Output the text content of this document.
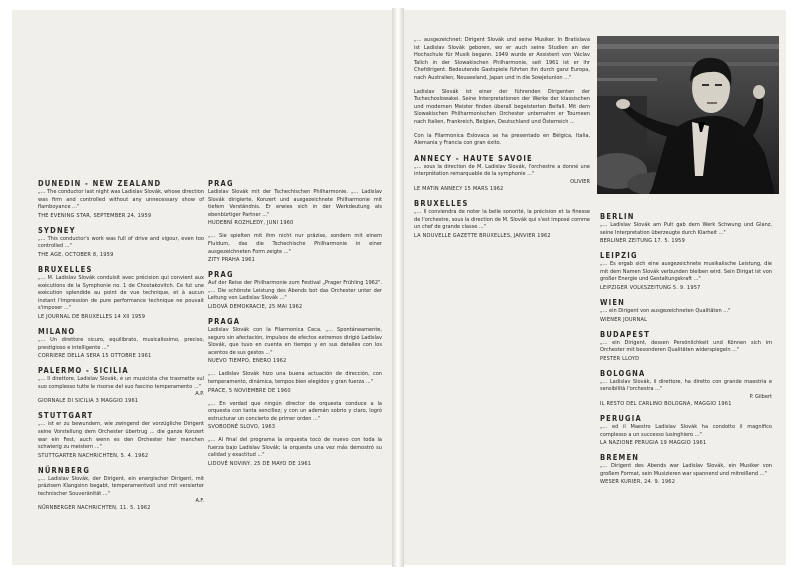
DUNEDIN - NEW ZEALAND
„... The conductor last night was Ladislav Slovák, whose direction was firm and controlled without any unnecessary show of flamboyance ..."
THE EVENING STAR, SEPTEMBER 24, 1959
SYDNEY
„... This conductor's work was full of drive and vigour, even too controlled ..."
THE AGE, OCTOBER 8, 1959
BRUXELLES
„... M. Ladislav Slovák conduisit avec précision qui convient aux exécutions de la Symphonie no. 1 de Chostakovitch. Ce fut une exécution splendide au point de vue technique, et à aucun instant l'impression de pure performance technique ne pouvait s'imposer ..."
LE JOURNAL DE BRUXELLES 14 XII 1959
MILANO
„... Un direttore sicuro, equilibrato, musicalissimo, preciso, prestigioso e intelligente ..."
CORRIERE DELLA SERA 15 OTTOBRE 1961
PALERMO - SICILIA
„... Il direttore, Ladislav Slovák, è un musicista che trasmette sul suo complesso tutte le risorse del suo fascino temperamento ..."
A.P.
GIORNALE DI SICILIA 3 MAGGIO 1961
STUTTGART
„... ist er zu bewundern, wie zwingend der vorzügliche Dirigent seine Vorstellung dem Orchester übertrug ... die ganze Konzert war ein Fest, auch wenn es den Orchester hier manchen schwierig zu meistern ..."
STUTTGARTER NACHRICHTEN, 5. 4. 1962
NÜRNBERG
„... Ladislav Slovák, der Dirigent, ein energischer Dirigent, mit präzisem Klangsinn begabt, temperamentvoll und mit versierter technischer Souveränität ..."
A.F.
NÜRNBERGER NACHRICHTEN, 11. 5. 1962
PRAG
Ladislav Slovák mit der Tschechischen Philharmonie. „... Ladislav Slovák dirigierte, Konzert und ausgezeichnete Philharmonie mit tiefem Verständnis. Er erwies sich in der Werkdeutung als ebenbürtiger Partner ..."
HUDEBNÍ ROZHLEDY, JUNI 1960
„... Sie spielten mit ihm nicht nur präzise, sondern mit einem Fluidum, das die Tschechische Philharmonie in einer ausgezeichneten Form zeigte ..."
ZITY PRAHA 1961
PRAG
Auf der Reise der Philharmonie zum Festival „Prager Frühling 1962". „... Die schönste Leistung des Abends bot das Orchester unter der Leitung von Ladislav Slovák ..."
LIDOVÁ DEMOKRACIE, 25 MAI 1962
PRAGA
Ladislav Slovák con la Filarmonica Ceca. „... Spontáneamente, seguro sin afectación, impulsos de efectos extremos dirigió Ladislav Slovák, que tuvo en cuenta en tiempo y en sus detalles con los acentos de sus gestos ..."
NUEVO TIEMPO, ENERO 1962
„... Ladislav Slovák hizo una buena actuación de dirección, con temperamento, dinámica, tempos bien elegidos y gran fuerza ..."
PRACE, 5 NOVIEMBRE DE 1960
„... En verdad que ningún director de orquesta conduce a la orquesta con tanta sencillez; y con un ademán sobrio y claro, logró estructurar un concierto de primer orden ..."
SVOBODNÉ SLOVO, 1963
„... Al final del programa la orquesta tocó de nuevo con toda la fuerza bajo Ladislav Slovák; la orquesta una vez más demostró su calidad y exactitud ..."
LIDOVÉ NOVINY, 25 DE MAYO DE 1961
„... ausgezeichnet: Dirigent Slovák und seine Musiker. In Bratislava ist Ladislav Slovák geboren, wo er auch seine Studien an der Hochschule für Musik begann. 1949 wurde er Assistent von Václav Talich in der Slowakischen Philharmonie, seit 1961 ist er ihr Chefdirigent. Bedeutende Gastspiele führten ihn durch ganz Europa, nach Australien, Neuseeland, Japan und in die Sowjetunion ..."
Ladislav Slovák ist einer der führenden Dirigenten der Tschechoslowakei. Seine Interpretationen der Werke der klassischen und modernen Meister finden überall begeisterten Beifall. Mit dem Slowakischen Philharmonischen Orchester unternahm er Tourneen nach Italien, Frankreich, Belgien, Deutschland und Österreich ...
Con la Filarmonica Eslovaca se ha presentado en Bélgica, Italia, Alemania y Francia con gran éxito.
ANNECY - HAUTE SAVOIE
„... sous la direction de M. Ladislav Slovák, l'orchestre a donné une interprétation remarquable de la symphonie ..."
OLIVIER
LE MATIN ANNECY 15 MARS 1962
BRUXELLES
„... Il conviendra de noter la belle sonorité, la précision et la finesse de l'orchestre, sous la direction de M. Slovák qui s'est imposé comme un chef de grande classe ..."
LA NOUVELLE GAZETTE BRUXELLES, JANVIER 1962
BERLIN
„... Ladislav Slovák am Pult gab dem Werk Schwung und Glanz, seine Interpretation überzeugte durch Klarheit ..."
BERLINER ZEITUNG 17. 5. 1959
LEIPZIG
„... Es ergab sich eine ausgezeichnete musikalische Leistung, die mit dem Namen Slovák verbunden bleiben wird. Sein Dirigat ist von großer Energie und Gestaltungskraft ..."
LEIPZIGER VOLKSZEITUNG 5. 9. 1957
WIEN
„... ein Dirigent von ausgezeichneten Qualitäten ..."
WIENER JOURNAL
BUDAPEST
„... ein Dirigent, dessen Persönlichkeit und Können sich im Orchester mit besonderen Qualitäten widerspiegeln ..."
PESTER LLOYD
BOLOGNA
„... Ladislav Slovák, il direttore, ha diretto con grande maestria e sensibilità l'orchestra ..."
P. Gilbert
IL RESTO DEL CARLINO BOLOGNA, MAGGIO 1961
PERUGIA
„... ed il Maestro Ladislav Slovák ha condotto il magnifico complesso a un successo lusinghiero ..."
LA NAZIONE PERUGIA 19 MAGGIO 1961
BREMEN
„... Dirigent des Abends war Ladislav Slovák, ein Musiker von großem Format, sein Musizieren war spannend und mitreißend ..."
WESER KURIER, 24. 9. 1962
